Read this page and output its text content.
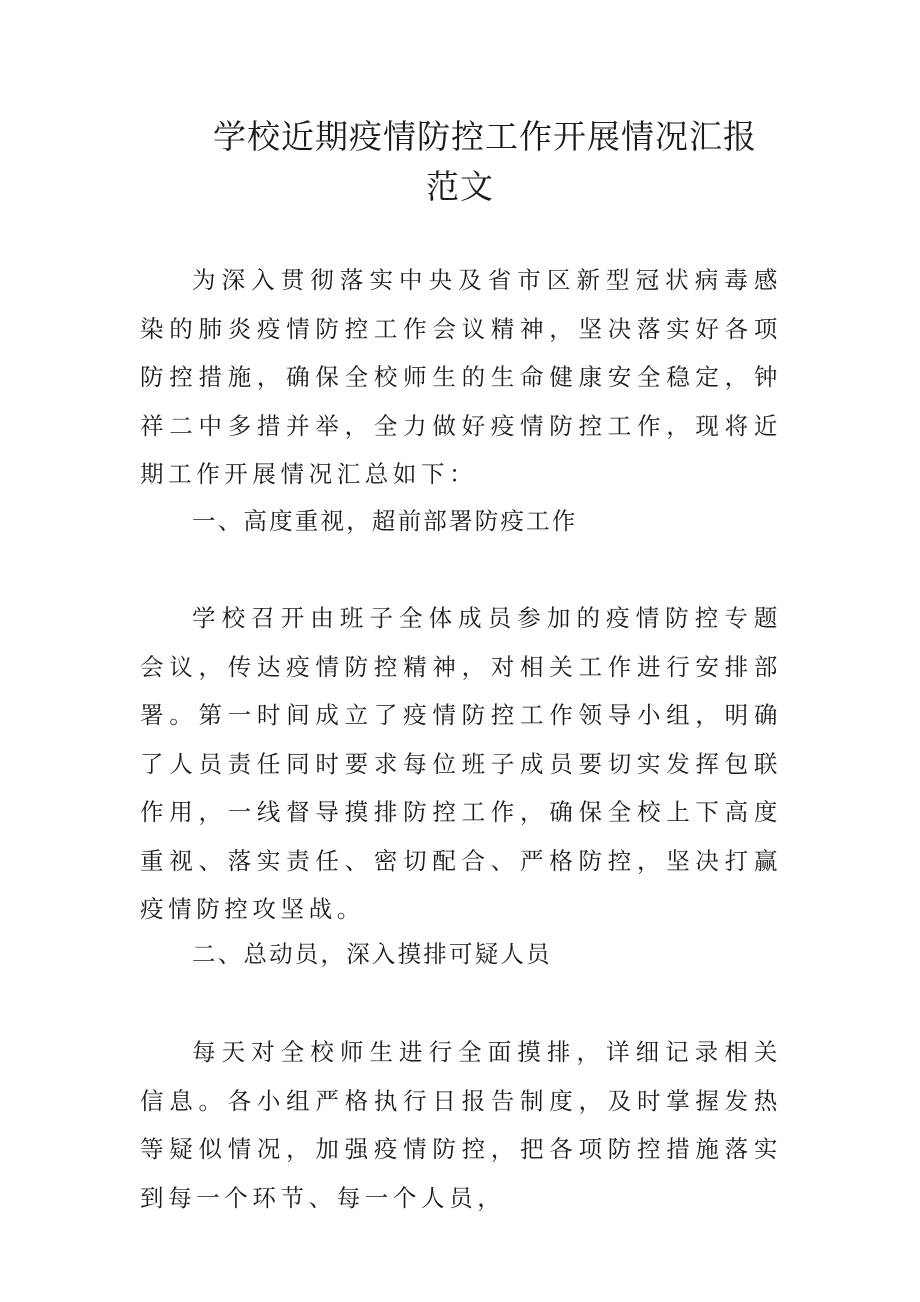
学校近期疫情防控工作开展情况汇报
范文

为深入贯彻落实中央及省市区新型冠状病毒感染的肺炎疫情防控工作会议精神，坚决落实好各项防控措施，确保全校师生的生命健康安全稳定，钟祥二中多措并举，全力做好疫情防控工作，现将近期工作开展情况汇总如下：

一、高度重视，超前部署防疫工作

学校召开由班子全体成员参加的疫情防控专题会议，传达疫情防控精神，对相关工作进行安排部署。第一时间成立了疫情防控工作领导小组，明确了人员责任同时要求每位班子成员要切实发挥包联作用，一线督导摸排防控工作，确保全校上下高度重视、落实责任、密切配合、严格防控，坚决打赢疫情防控攻坚战。

二、总动员，深入摸排可疑人员

每天对全校师生进行全面摸排，详细记录相关信息。各小组严格执行日报告制度，及时掌握发热等疑似情况，加强疫情防控，把各项防控措施落实到每一个环节、每一个人员，
